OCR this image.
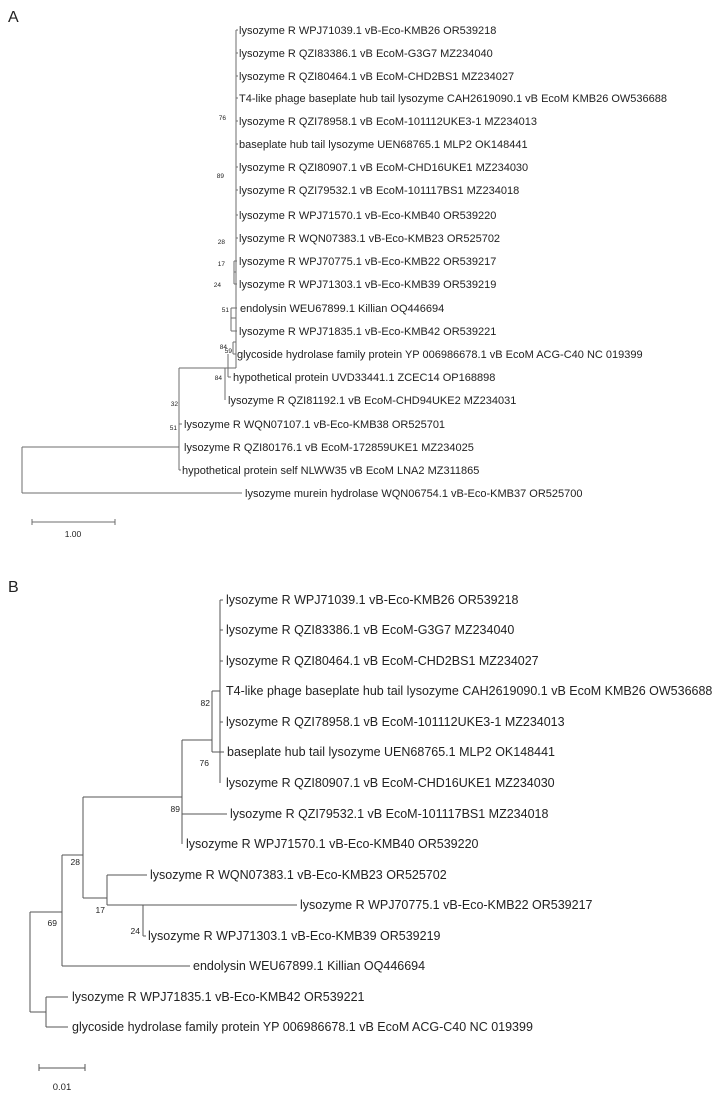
A
B
lysozyme R WPJ71039.1 vB-Eco-KMB26 OR539218
lysozyme R QZI83386.1 vB EcoM-G3G7 MZ234040
lysozyme R QZI80464.1 vB EcoM-CHD2BS1 MZ234027
T4-like phage baseplate hub tail lysozyme CAH2619090.1 vB EcoM KMB26 OW536688
lysozyme R QZI78958.1 vB EcoM-101112UKE3-1 MZ234013
baseplate hub tail lysozyme UEN68765.1 MLP2 OK148441
lysozyme R QZI80907.1 vB EcoM-CHD16UKE1 MZ234030
lysozyme R QZI79532.1 vB EcoM-101117BS1 MZ234018
lysozyme R WPJ71570.1 vB-Eco-KMB40 OR539220
lysozyme R WQN07383.1 vB-Eco-KMB23 OR525702
lysozyme R WPJ70775.1 vB-Eco-KMB22 OR539217
lysozyme R WPJ71303.1 vB-Eco-KMB39 OR539219
endolysin WEU67899.1 Killian OQ446694
lysozyme R WPJ71835.1 vB-Eco-KMB42 OR539221
glycoside hydrolase family protein YP 006986678.1 vB EcoM ACG-C40 NC 019399
hypothetical protein UVD33441.1 ZCEC14 OP168898
lysozyme R QZI81192.1 vB EcoM-CHD94UKE2 MZ234031
lysozyme R WQN07107.1 vB-Eco-KMB38 OR525701
lysozyme R QZI80176.1 vB EcoM-172859UKE1 MZ234025
hypothetical protein self NLWW35 vB EcoM LNA2 MZ311865
lysozyme murein hydrolase WQN06754.1 vB-Eco-KMB37 OR525700
lysozyme R WPJ71039.1 vB-Eco-KMB26 OR539218
lysozyme R QZI83386.1 vB EcoM-G3G7 MZ234040
lysozyme R QZI80464.1 vB EcoM-CHD2BS1 MZ234027
T4-like phage baseplate hub tail lysozyme CAH2619090.1 vB EcoM KMB26 OW536688
lysozyme R QZI78958.1 vB EcoM-101112UKE3-1 MZ234013
baseplate hub tail lysozyme UEN68765.1 MLP2 OK148441
lysozyme R QZI80907.1 vB EcoM-CHD16UKE1 MZ234030
lysozyme R QZI79532.1 vB EcoM-101117BS1 MZ234018
lysozyme R WPJ71570.1 vB-Eco-KMB40 OR539220
lysozyme R WQN07383.1 vB-Eco-KMB23 OR525702
lysozyme R WPJ70775.1 vB-Eco-KMB22 OR539217
lysozyme R WPJ71303.1 vB-Eco-KMB39 OR539219
endolysin WEU67899.1 Killian OQ446694
lysozyme R WPJ71835.1 vB-Eco-KMB42 OR539221
glycoside hydrolase family protein YP 006986678.1 vB EcoM ACG-C40 NC 019399
76
89
28
17
24
51
84
59
84
32
51
82
76
89
28
17
24
69
1.00
0.01
